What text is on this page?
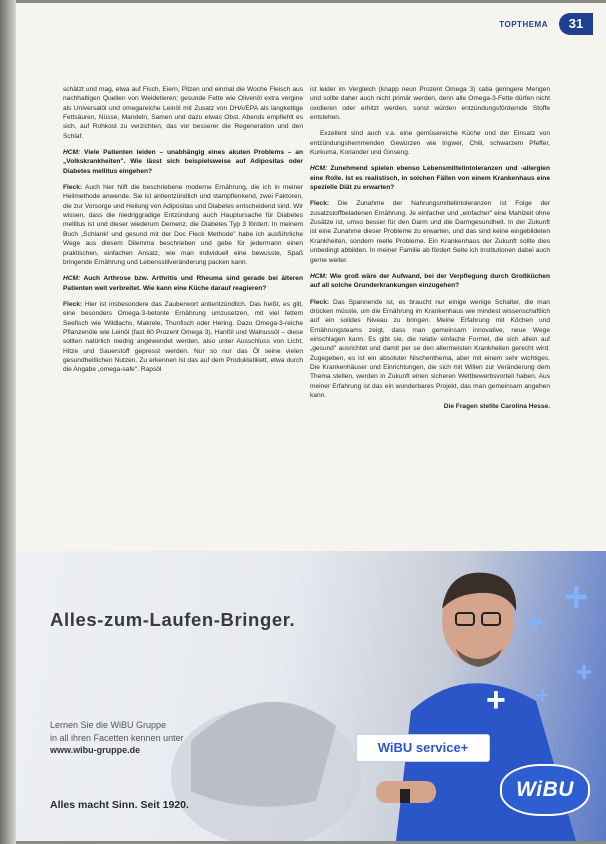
TOPTHEMA	31

schätzt und mag, etwa auf Fisch, Eiern, Pilzen und einmal die Woche Fleisch aus nachhaltigen Quellen von Weidetieren; gesunde Fette wie Olivenöl extra vergine als Universalöl und omegareiche Leinöl mit Zusatz von DHA/EPA als langkettige Fettsäuren, Nüsse, Mandeln, Samen und dazu etwas Obst. Abends empfiehlt es sich, auf Rohkost zu verzichten, das vor besserer die Regeneration und den Schlaf.

HCM: Viele Patienten leiden – unabhängig eines akuten Problems – an „Volkskrankheiten". Wie lässt sich beispielsweise auf Adipositas oder Diabetes mellitus eingehen?

Fleck: Auch hier hilft die beschriebene moderne Ernährung, die ich in meiner Heilmethode anwende. Sie ist antientzündlich und stampflenkend, zwei Faktoren, die zur Vorsorge und Heilung von Adipositas und Diabetes entscheidend sind. Wir wissen, dass die niedriggradige Entzündung auch Hauptursache für Diabetes mellitus ist und dieser wiederum Demenz, die Diabetes Typ 3 fördert. In meinem Buch „Schlank! und gesund mit der Doc Fleck Methode" habe ich ausführliche Wege aus diesem Dilemma beschrieben und gebe für jedermann einen praktischen, einfachen Ansatz, wie man individuell eine bewusste, Spaß bringende Ernährung und Lebensstilveränderung packen kann.

HCM: Auch Arthrose bzw. Arthritis und Rheuma sind gerade bei älteren Patienten weit verbreitet. Wie kann eine Küche darauf reagieren?

Fleck: Hier ist insbesondere das Zauberwort antientzündlich. Das heißt, es gilt, eine besonders Omega-3-betonte Ernährung umzusetzen, mit viel fettem Seefisch wie Wildlachs, Makrele, Thunfisch oder Hering. Dazu Omega-3-reiche Pflanzenöle wie Leinöl (fast 60 Prozent Omega 3), Hanföl und Walnussöl – diese sollten natürlich niedrig angewendet werden, also unter Ausschluss von Licht, Hitze und Sauerstoff gepresst werden. Nur so nur das Öl seine vielen gesundheitlichen Nutzen. Zu erkennen ist das auf dem Produktetikett, etwa durch die Angabe „omega-safe". Rapsöl

ist leider im Vergleich (knapp neun Prozent Omega 3) catia geringere Mengen und sollte daher auch nicht primär werden, denn alle Omega-3-Fette dürfen nicht oxidieren oder erhitzt werden, sonst würden entzündungsfördernde Stoffe entstehen.

Exzellent sind auch v.a. eine gemüsereiche Küche und der Einsatz von entzündungshemmenden Gewürzen wie Ingwer, Chili, schwarzem Pfeffer, Kurkuma, Koriander und Ginseng.

HCM: Zunehmend spielen ebenso Lebensmittelintoleranzen und -allergien eine Rolle. Ist es realistisch, in solchen Fällen von einem Krankenhaus eine spezielle Diät zu erwarten?

Fleck: Die Zunahme der Nahrungsmittelintoleranzen ist Folge der zusatzstoffbeladenen Ernährung. Je einfacher und „einfacher" eine Mahlzeit ohne Zusätze ist, umso besser für den Darm und die Darmgesundheit. In der Zukunft ist eine Zunahme dieser Probleme zu erwarten, und das sind keine eingebildeten Krankheiten, sondern reelle Probleme. Ein Krankenhaus der Zukunft sollte dies unbedingt abbilden. In meiner Familie ab fördert Seite ich Institutionen dabei auch gerne weiter.

HCM: Wie groß wäre der Aufwand, bei der Verpflegung durch Großküchen auf all solche Grunderkrankungen einzugehen?

Fleck: Das Spannende ist, es braucht nur einige wenige Schalter, die man drücken müsste, um die Ernährung im Krankenhaus wie mindest wissenschaftlich auf ein solides Niveau zu bringen. Meine Erfahrung mit Köchen und Ernährungsteams zeigt, dass man gemeinsam innovative, neue Wege einschlagen kann. Es gibt sie, die relativ einfache Formel, die sich allein auf „gesund" ausrichtet und damit per se den allermeisten Krankheiten gerecht wird. Zugegeben, es ist ein absoluter Nischenthema, aber mit einem sehr wichtiges. Die Krankenhäuser und Einrichtungen, die sich mit Willen zur Veränderung dem Thema stellen, werden in Zukunft einen sicheren Wettbewerbsvorteil haben. Aus meiner Erfahrung ist das ein wunderbares Projekt, das man gemeinsam angehen kann.

Die Fragen stellte Carolina Hesse.
+
+
+
+ +
Alles-zum-Laufen-Bringer.
Lernen Sie die WiBU Gruppe
in all ihren Facetten kennen unter
www.wibu-gruppe.de	WiBU service+
WiBU
Alles macht Sinn. Seit 1920.
